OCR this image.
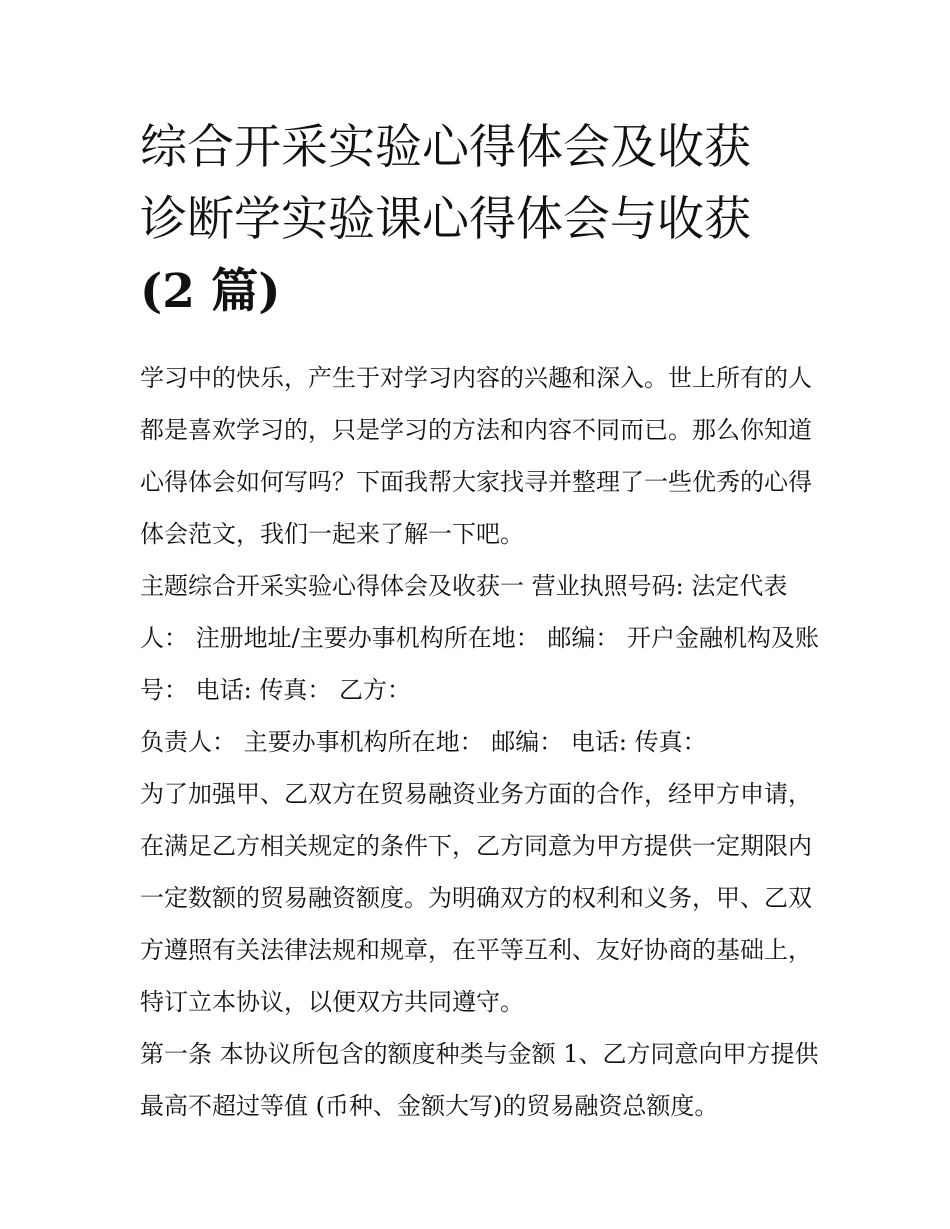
综合开采实验心得体会及收获
诊断学实验课心得体会与收获
(2 篇)

学习中的快乐，产生于对学习内容的兴趣和深入。世上所有的人都是喜欢学习的，只是学习的方法和内容不同而已。那么你知道心得体会如何写吗？下面我帮大家找寻并整理了一些优秀的心得体会范文，我们一起来了解一下吧。

主题综合开采实验心得体会及收获一 营业执照号码: 法定代表人： 注册地址/主要办事机构所在地： 邮编： 开户金融机构及账号： 电话: 传真： 乙方：

负责人： 主要办事机构所在地： 邮编： 电话: 传真：

为了加强甲、乙双方在贸易融资业务方面的合作，经甲方申请，在满足乙方相关规定的条件下，乙方同意为甲方提供一定期限内一定数额的贸易融资额度。为明确双方的权利和义务，甲、乙双方遵照有关法律法规和规章，在平等互利、友好协商的基础上，特订立本协议，以便双方共同遵守。

第一条 本协议所包含的额度种类与金额 1、乙方同意向甲方提供最高不超过等值 (币种、金额大写)的贸易融资总额度。
